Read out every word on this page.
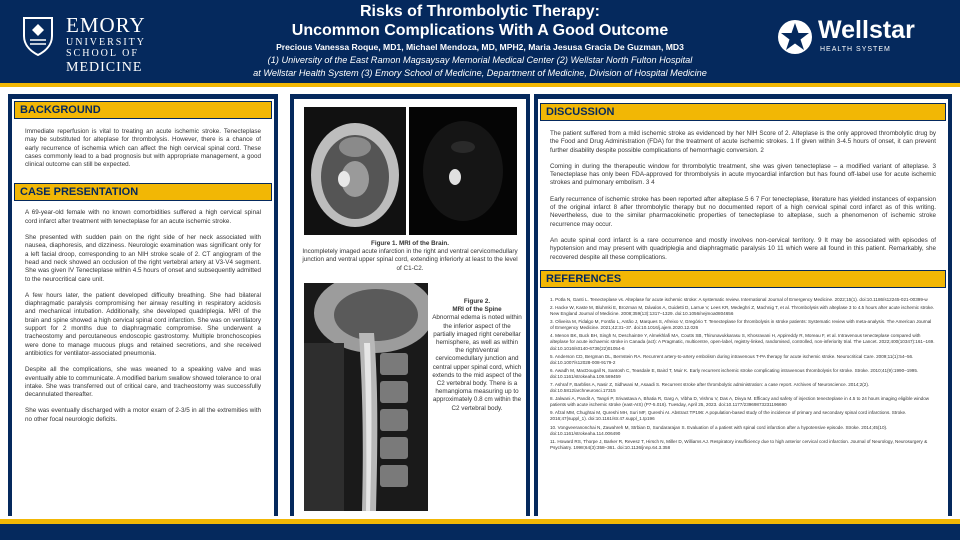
EMORY
UNIVERSITY
SCHOOL OF
MEDICINE
Risks of Thrombolytic Therapy:
Uncommon Complications With A Good Outcome
Precious Vanessa Roque, MD1, Michael Mendoza, MD, MPH2, Maria Jesusa Gracia De Guzman, MD3
(1) University of the East Ramon Magsaysay Memorial Medical Center (2) Wellstar North Fulton Hospital
at Wellstar Health System (3) Emory School of Medicine, Department of Medicine, Division of Hospital Medicine
Wellstar
HEALTH SYSTEM
BACKGROUND

Immediate reperfusion is vital to treating an acute ischemic stroke. Tenecteplase may be substituted for alteplase for thrombolysis. However, there is a chance of early recurrence of ischemia which can affect the high cervical spinal cord. These cases commonly lead to a bad prognosis but with appropriate management, a good clinical outcome can still be expected.

CASE PRESENTATION

A 69-year-old female with no known comorbidities suffered a high cervical spinal cord infarct after treatment with tenecteplase for an acute ischemic stroke.

She presented with sudden pain on the right side of her neck associated with nausea, diaphoresis, and dizziness. Neurologic examination was significant only for a left facial droop, corresponding to an NIH stroke scale of 2. CT angiogram of the head and neck showed an occlusion of the right vertebral artery at V3-V4 segment. She was given IV Tenecteplase within 4.5 hours of onset and subsequently admitted to the neurocritical care unit.

A few hours later, the patient developed difficulty breathing. She had bilateral diaphragmatic paralysis compromising her airway resulting in respiratory acidosis and mechanical intubation. Additionally, she developed quadriplegia. MRI of the brain and spine showed a high cervical spinal cord infarction. She was on ventilatory support for 2 months due to diaphragmatic compromise. She underwent a tracheostomy and percutaneous endoscopic gastrostomy. Multiple bronchoscopies were done to manage mucous plugs and retained secretions, and she received antibiotics for ventilator-associated pneumonia.

Despite all the complications, she was weaned to a speaking valve and was eventually able to communicate. A modified barium swallow showed tolerance to oral intake. She was transferred out of critical care, and tracheostomy was successfully decannulated thereafter.

She was eventually discharged with a motor exam of 2-3/5 in all the extremities with no other focal neurologic deficits.

Figure 1. MRI of the Brain.
Incompletely imaged acute infarction in the right and ventral cervicomedullary junction and ventral upper spinal cord, extending inferiorly at least to the level of C1-C2.
Figure 2.
MRI of the Spine
Abnormal edema is noted within the inferior aspect of the partially imaged right cerebellar hemisphere, as well as within the right/ventral cervicomedullary junction and central upper spinal cord, which extends to the mid aspect of the C2 vertebral body. There is a hemangioma measuring up to approximately 0.8 cm within the C2 vertebral body.
DISCUSSION

The patient suffered from a mild ischemic stroke as evidenced by her NIH Score of 2. Alteplase is the only approved thrombolytic drug by the Food and Drug Administration (FDA) for the treatment of acute ischemic strokes. 1 If given within 3-4.5 hours of onset, it can prevent further disability despite possible complications of hemorrhagic conversion. 2

Coming in during the therapeutic window for thrombolytic treatment, she was given tenecteplase – a modified variant of alteplase. 3 Tenecteplase has only been FDA-approved for thrombolysis in acute myocardial infarction but has found off-label use for acute ischemic strokes and pulmonary embolism. 3 4

Early recurrence of ischemic stroke has been reported after alteplase.5 6 7 For tenecteplase, literature has yielded instances of expansion of the original infarct 8 after thrombolytic therapy but no documented report of a high cervical spinal cord infarct as of this writing. Nevertheless, due to the similar pharmacokinetic properties of tenecteplase to alteplase, such a phenomenon of ischemic stroke recurrence may occur.

An acute spinal cord infarct is a rare occurrence and mostly involves non-cervical territory. 9 It may be associated with episodes of hypotension and may present with quadriplegia and diaphragmatic paralysis 10 11 which were all found in this patient. Remarkably, she recovered despite all these complications.

REFERENCES

1. Potla N, Ganti L. Tenecteplase vs. Alteplase for acute ischemic stroke: A systematic review. International Journal of Emergency Medicine. 2022;15(1). doi:10.1186/s12245-021-00399-w

2. Hacke W, Kaste M, Bluhmki E, Brozman M, Dávalos A, Guidetti D, Larrue V, Lees KR, Medeghri Z, Machnig T, et al. Thrombolysis with alteplase 3 to 4.5 hours after acute ischemic stroke. New England Journal of Medicine. 2008;359(13):1317–1329. doi:10.1056/nejmoa0804656

3. Oliveira M, Fidalgo M, Fontão L, Antão J, Marques S, Afreixo V, Gregório T. Tenecteplase for thrombolysis in stroke patients: Systematic review with meta-analysis. The American Journal of Emergency Medicine. 2021;42:31–37. doi:10.1016/j.ajem.2020.12.026

4. Menon BK, Buck BH, Singh N, Deschaintre Y, Almekhlafi MA, Coutts SB, Thirunavukkarasu S, Khosravani H, Appireddy R, Moreau F, et al. Intravenous tenecteplase compared with alteplase for acute ischaemic stroke in Canada (act): A Pragmatic, multicentre, open-label, registry-linked, randomised, controlled, non-inferiority trial. The Lancet. 2022;400(10347):161–169. doi:10.1016/s0140-6736(22)01054-6

5. Anderson CD, Bergman DL, Bernstein RA. Recurrent artery-to-artery embolism during intravenous T-PA therapy for acute ischemic stroke. Neurocritical Care. 2009;11(1):54–56. doi:10.1007/s12028-008-9179-2

6. Awadh M, MacDougall N, Santosh C, Teasdale E, Baird T, Muir K. Early recurrent ischemic stroke complicating intravenous thrombolysis for stroke. Stroke. 2010;41(9):1990–1995. doi:10.1161/strokeaha.109.569459

7. Ashraf F, Barbliss A, Nasir Z, Sidhwani M, Asaadi S. Recurrent stroke after thrombolytic administration: a case report. Archives of Neuroscience. 2014;2(2). doi:10.5812/archneurosci.17315

8. Jalwani A, Pandit A, Tangri P, Srivastava A, Bhatia R, Garg A, Vibha D, Vishnu V, Das A, Divya M. Efficacy and safety of injection tenecteplase in 4.5 to 24 hours imaging eligible window patients with acute ischemic stroke (east-AIS) (P7-5.016). Tuesday, April 25, 2023. doi:10.1177/23969873231196690

9. Afzal MM, Chughtai M, Qureshi MH, Suri MF, Qureshi AI. Abstract TP196: A population-based study of the incidence of primary and secondary spinal cord infarctions. Stroke. 2016;47(suppl_1). doi:10.1161/str.47.suppl_1.tp196

10. Vongveeranonchai N, Zawahreh M, Strbian D, Sundararajan S. Evaluation of a patient with spinal cord infarction after a hypotensive episode. Stroke. 2014;45(10). doi:10.1161/strokeaha.114.006490

11. Howard RS, Thorpe J, Barker R, Revesz T, Hirsch N, Miller D, Williams AJ. Respiratory insufficiency due to high anterior cervical cord infarction. Journal of Neurology, Neurosurgery & Psychiatry. 1998;64(3):358–361. doi:10.1136/jnnp.64.3.358
